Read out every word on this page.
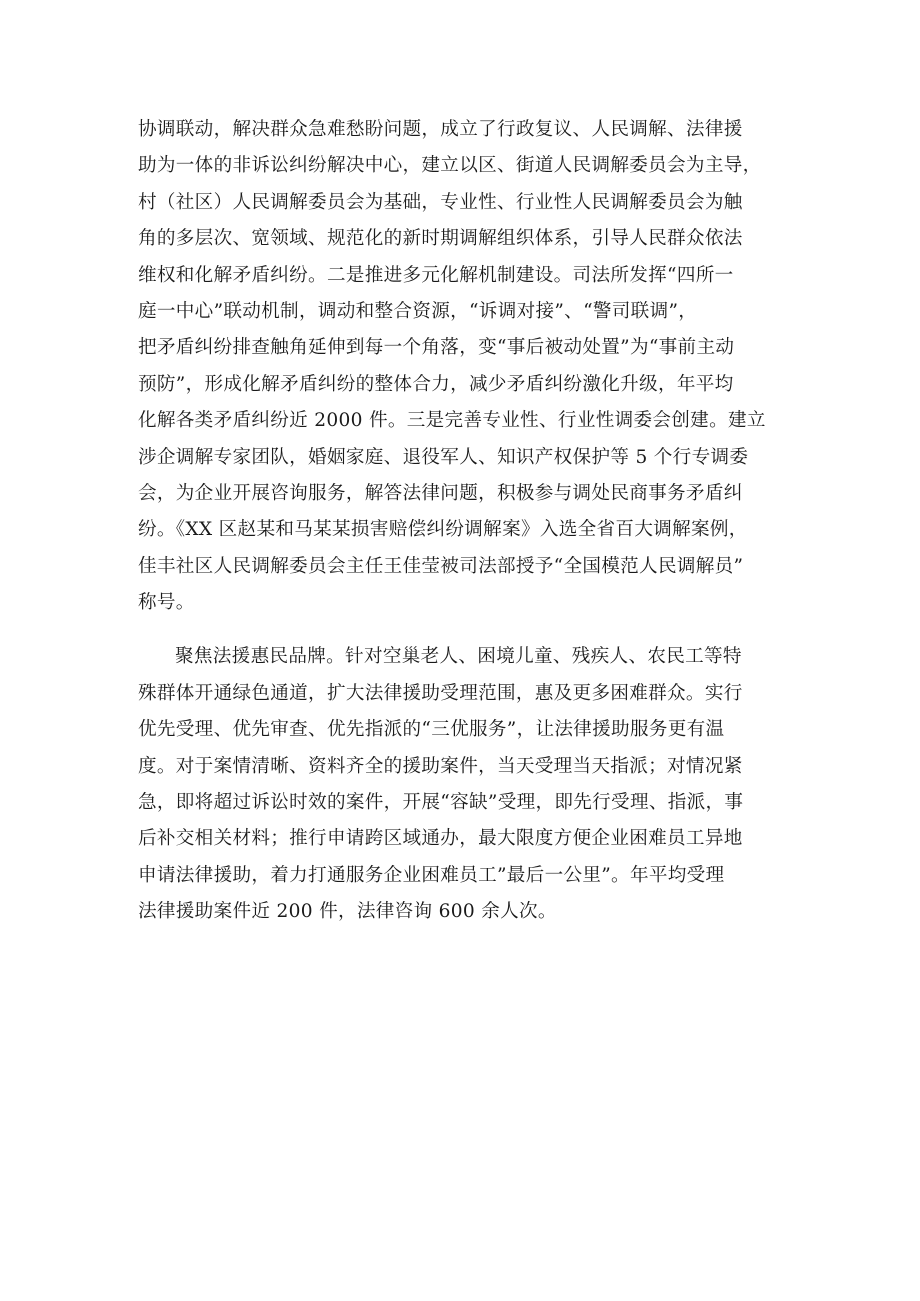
协调联动，解决群众急难愁盼问题，成立了行政复议、人民调解、法律援
助为一体的非诉讼纠纷解决中心，建立以区、街道人民调解委员会为主导，
村（社区）人民调解委员会为基础，专业性、行业性人民调解委员会为触
角的多层次、宽领域、规范化的新时期调解组织体系，引导人民群众依法
维权和化解矛盾纠纷。二是推进多元化解机制建设。司法所发挥“四所一
庭一中心”联动机制，调动和整合资源，“诉调对接”、“警司联调”，
把矛盾纠纷排查触角延伸到每一个角落，变“事后被动处置”为“事前主动
预防”，形成化解矛盾纠纷的整体合力，减少矛盾纠纷激化升级，年平均
化解各类矛盾纠纷近 2000 件。三是完善专业性、行业性调委会创建。建立
涉企调解专家团队，婚姻家庭、退役军人、知识产权保护等 5 个行专调委
会，为企业开展咨询服务，解答法律问题，积极参与调处民商事务矛盾纠
纷。《XX 区赵某和马某某损害赔偿纠纷调解案》入选全省百大调解案例，
佳丰社区人民调解委员会主任王佳莹被司法部授予“全国模范人民调解员”
称号。
聚焦法援惠民品牌。针对空巢老人、困境儿童、残疾人、农民工等特
殊群体开通绿色通道，扩大法律援助受理范围，惠及更多困难群众。实行
优先受理、优先审查、优先指派的“三优服务”，让法律援助服务更有温
度。对于案情清晰、资料齐全的援助案件，当天受理当天指派；对情况紧
急，即将超过诉讼时效的案件，开展“容缺”受理，即先行受理、指派，事
后补交相关材料；推行申请跨区域通办，最大限度方便企业困难员工异地
申请法律援助，着力打通服务企业困难员工”最后一公里”。年平均受理
法律援助案件近 200 件，法律咨询 600 余人次。
